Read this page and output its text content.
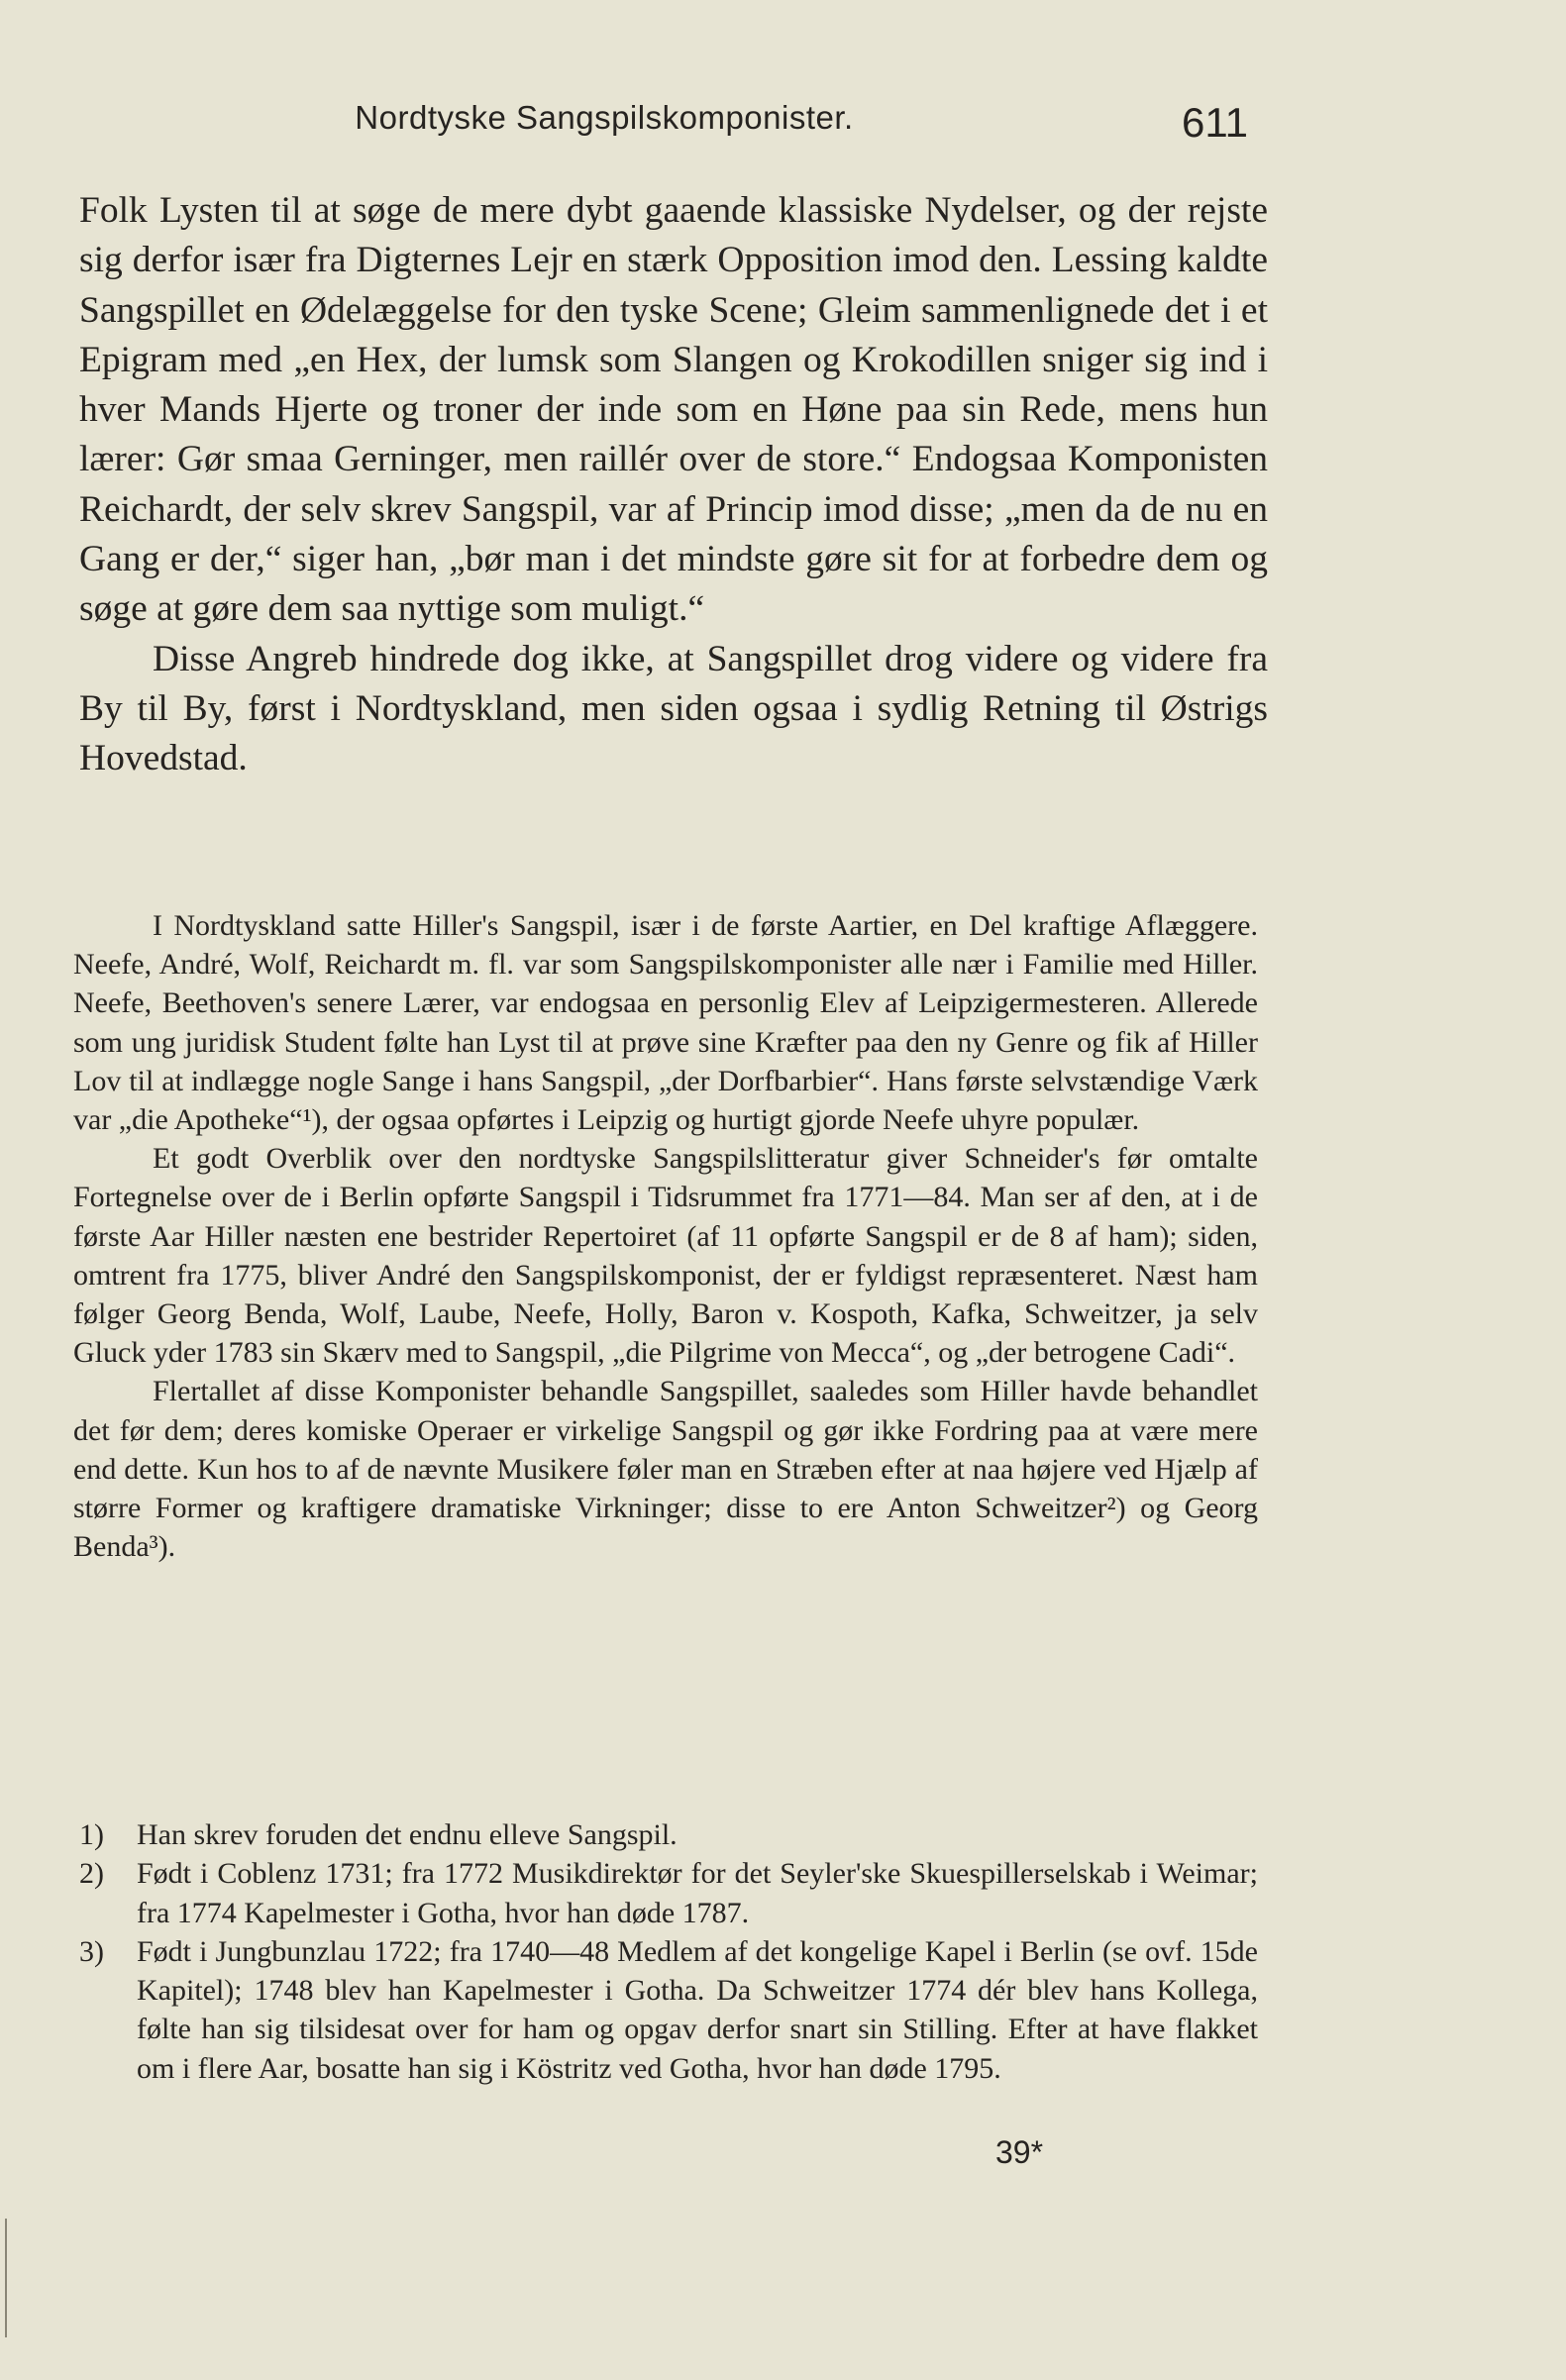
Nordtyske Sangspilskomponister.	611

Folk Lysten til at søge de mere dybt gaaende klassiske Nydelser, og der rejste sig derfor især fra Digternes Lejr en stærk Opposition imod den. Lessing kaldte Sangspillet en Ødelæggelse for den tyske Scene; Gleim sammenlignede det i et Epigram med „en Hex, der lumsk som Slangen og Krokodillen sniger sig ind i hver Mands Hjerte og troner der inde som en Høne paa sin Rede, mens hun lærer: Gør smaa Gerninger, men raillér over de store.“ Endogsaa Komponisten Reichardt, der selv skrev Sangspil, var af Princip imod disse; „men da de nu en Gang er der,“ siger han, „bør man i det mindste gøre sit for at forbedre dem og søge at gøre dem saa nyttige som muligt.“

Disse Angreb hindrede dog ikke, at Sangspillet drog videre og videre fra By til By, først i Nordtyskland, men siden ogsaa i sydlig Retning til Østrigs Hovedstad.

I Nordtyskland satte Hiller's Sangspil, især i de første Aartier, en Del kraftige Aflæggere. Neefe, André, Wolf, Reichardt m. fl. var som Sangspilskomponister alle nær i Familie med Hiller. Neefe, Beethoven's senere Lærer, var endogsaa en personlig Elev af Leipzigermesteren. Allerede som ung juridisk Student følte han Lyst til at prøve sine Kræfter paa den ny Genre og fik af Hiller Lov til at indlægge nogle Sange i hans Sangspil, „der Dorfbarbier“. Hans første selvstændige Værk var „die Apotheke“¹), der ogsaa opførtes i Leipzig og hurtigt gjorde Neefe uhyre populær.

Et godt Overblik over den nordtyske Sangspilslitteratur giver Schneider's før omtalte Fortegnelse over de i Berlin opførte Sangspil i Tidsrummet fra 1771—84. Man ser af den, at i de første Aar Hiller næsten ene bestrider Repertoiret (af 11 opførte Sangspil er de 8 af ham); siden, omtrent fra 1775, bliver André den Sangspilskomponist, der er fyldigst repræsenteret. Næst ham følger Georg Benda, Wolf, Laube, Neefe, Holly, Baron v. Kospoth, Kafka, Schweitzer, ja selv Gluck yder 1783 sin Skærv med to Sangspil, „die Pilgrime von Mecca“, og „der betrogene Cadi“.

Flertallet af disse Komponister behandle Sangspillet, saaledes som Hiller havde behandlet det før dem; deres komiske Operaer er virkelige Sangspil og gør ikke Fordring paa at være mere end dette. Kun hos to af de nævnte Musikere føler man en Stræben efter at naa højere ved Hjælp af større Former og kraftigere dramatiske Virkninger; disse to ere Anton Schweitzer²) og Georg Benda³).

1) Han skrev foruden det endnu elleve Sangspil.

2) Født i Coblenz 1731; fra 1772 Musikdirektør for det Seyler'ske Skuespillerselskab i Weimar; fra 1774 Kapelmester i Gotha, hvor han døde 1787.

3) Født i Jungbunzlau 1722; fra 1740—48 Medlem af det kongelige Kapel i Berlin (se ovf. 15de Kapitel); 1748 blev han Kapelmester i Gotha. Da Schweitzer 1774 dér blev hans Kollega, følte han sig tilsidesat over for ham og opgav derfor snart sin Stilling. Efter at have flakket om i flere Aar, bosatte han sig i Köstritz ved Gotha, hvor han døde 1795.

39*
